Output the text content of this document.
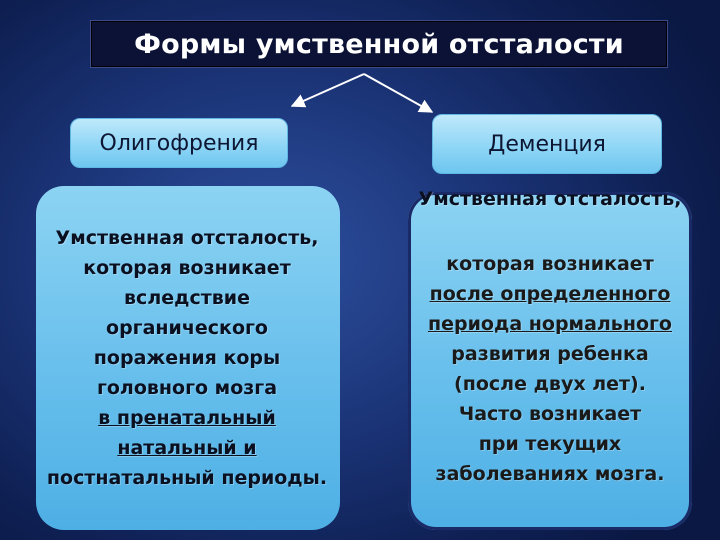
Формы умственной отсталости
Олигофрения	Деменция
Умственная отсталость,
которая возникает
вследствие
органического
поражения коры
головного мозга
в пренатальный
натальный и
постнатальный периоды.
Умственная отсталость,
которая возникает
после определенного
периода нормального
развития ребенка
(после двух лет).
Часто возникает
при текущих
заболеваниях мозга.
